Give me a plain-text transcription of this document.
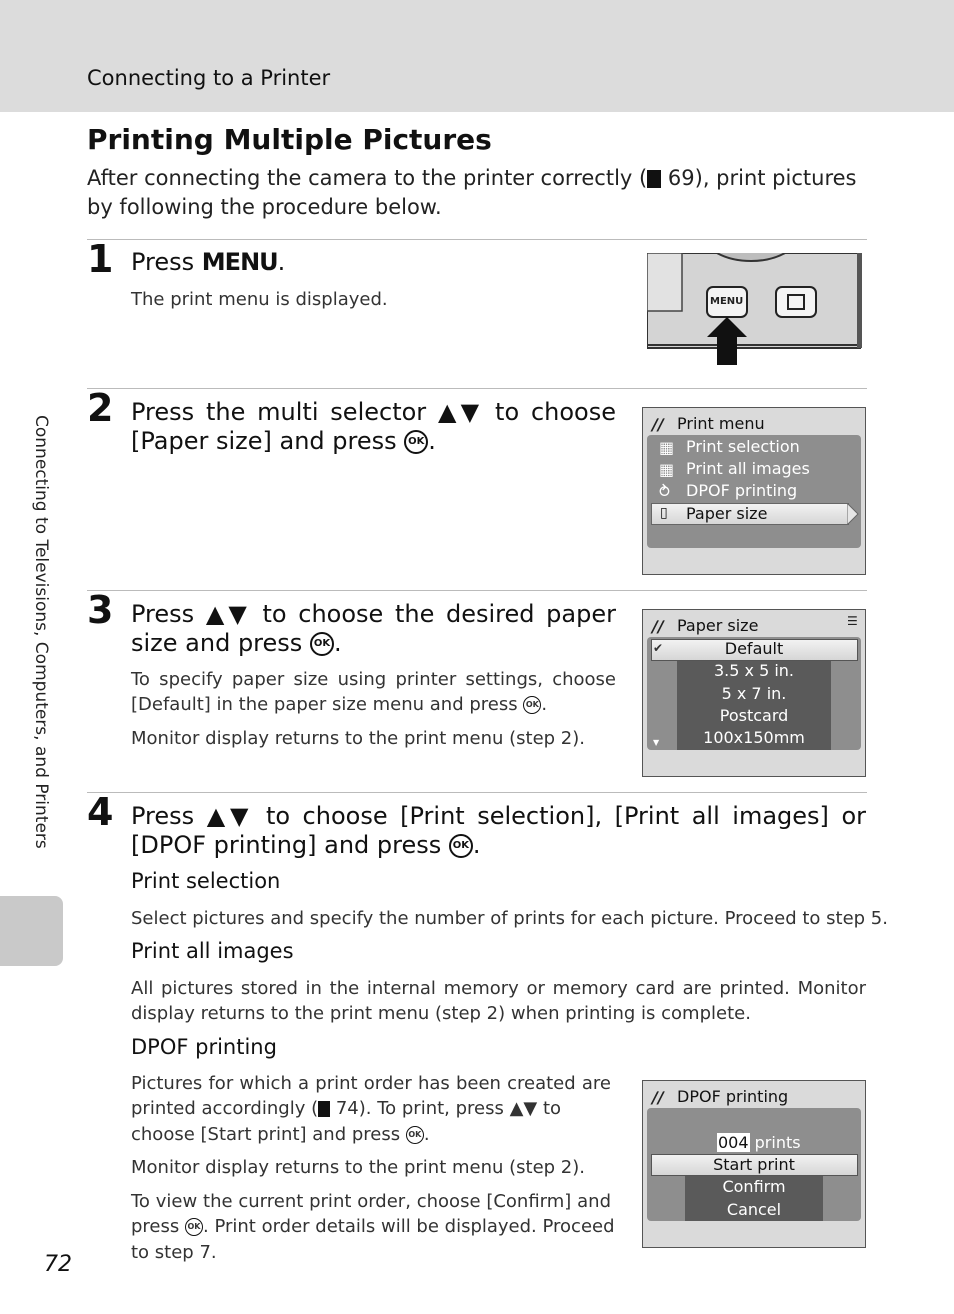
Connecting to a Printer
Printing Multiple Pictures
After connecting the camera to the printer correctly ( 69), print pictures by following the procedure below.
1 Press MENU.
The print menu is displayed.	MENU
2 Press the multi selector ▲▼ to choose
[Paper size] and press OK .
∕∕ Print menu
▦ Print selection
▦ Print all images
⥁ DPOF printing
▯ Paper size
3 Press ▲▼ to choose the desired paper
size and press OK .
To specify paper size using printer settings, choose
[Default] in the paper size menu and press OK .
Monitor display returns to the print menu (step 2).
∕∕ Paper size	☰
✔	Default
3.5 x 5 in.
5 x 7 in.
Postcard
100x150mm
▼
4 Press ▲▼ to choose [Print selection], [Print all images] or
[DPOF printing] and press OK .
Print selection
Select pictures and specify the number of prints for each picture. Proceed to step 5.
Print all images
All pictures stored in the internal memory or memory card are printed. Monitor
display returns to the print menu (step 2) when printing is complete.
DPOF printing
Pictures for which a print order has been created are
printed accordingly ( 74). To print, press ▲▼ to
choose [Start print] and press OK .
Monitor display returns to the print menu (step 2).
To view the current print order, choose [Confirm] and
press OK . Print order details will be displayed. Proceed
to step 7.
∕∕ DPOF printing
004 prints
Start print
Confirm
Cancel
Connecting to Televisions, Computers, and Printers
72
